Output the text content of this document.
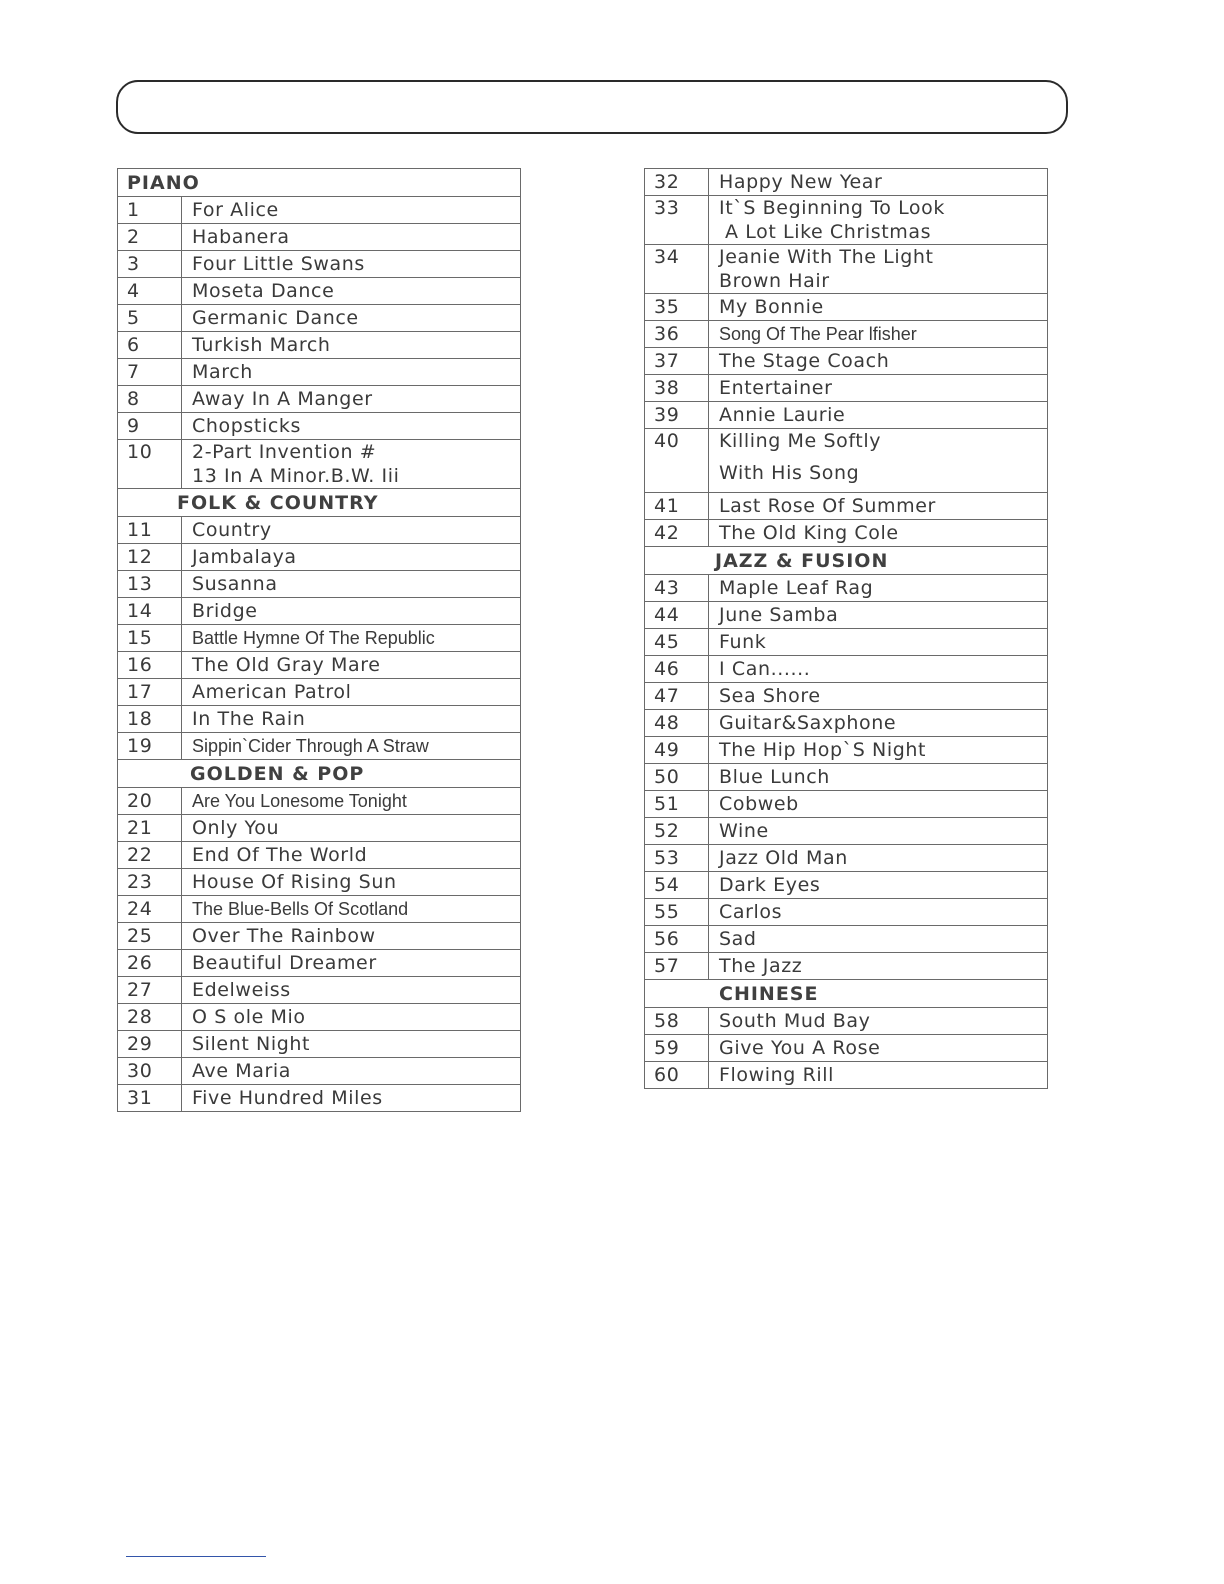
PIANO	
1	For Alice
2	Habanera
3	Four Little Swans
4	Moseta Dance
5	Germanic Dance
6	Turkish March
7	March
8	Away In A Manger
9	Chopsticks
10	2-Part Invention #
13 In A Minor.B.W. Iii

FOLK & COUNTRY	
11	Country
12	Jambalaya
13	Susanna
14	Bridge
15	Battle Hymne Of The Republic
16	The Old Gray Mare
17	American Patrol
18	In The Rain
19	Sippin`Cider Through A Straw
GOLDEN & POP	
20	Are You Lonesome Tonight
21	Only You
22	End Of The World
23	House Of Rising Sun
24	The Blue-Bells Of Scotland
25	Over The Rainbow
26	Beautiful Dreamer
27	Edelweiss
28	O S ole Mio
29	Silent Night
30	Ave Maria
31	Five Hundred Miles
32	Happy New Year
33	It`S Beginning To Look
A Lot Like Christmas

34	Jeanie With The Light
Brown Hair

35	My Bonnie
36	Song Of The Pear lfisher
37	The Stage Coach
38	Entertainer
39	Annie Laurie
40	Killing Me Softly
With His Song

41	Last Rose Of Summer
42	The Old King Cole
JAZZ & FUSION	
43	Maple Leaf Rag
44	June Samba
45	Funk
46	I Can......
47	Sea Shore
48	Guitar&Saxphone
49	The Hip Hop`S Night
50	Blue Lunch
51	Cobweb
52	Wine
53	Jazz Old Man
54	Dark Eyes
55	Carlos
56	Sad
57	The Jazz
CHINESE	
58	South Mud Bay
59	Give You A Rose
60	Flowing Rill
